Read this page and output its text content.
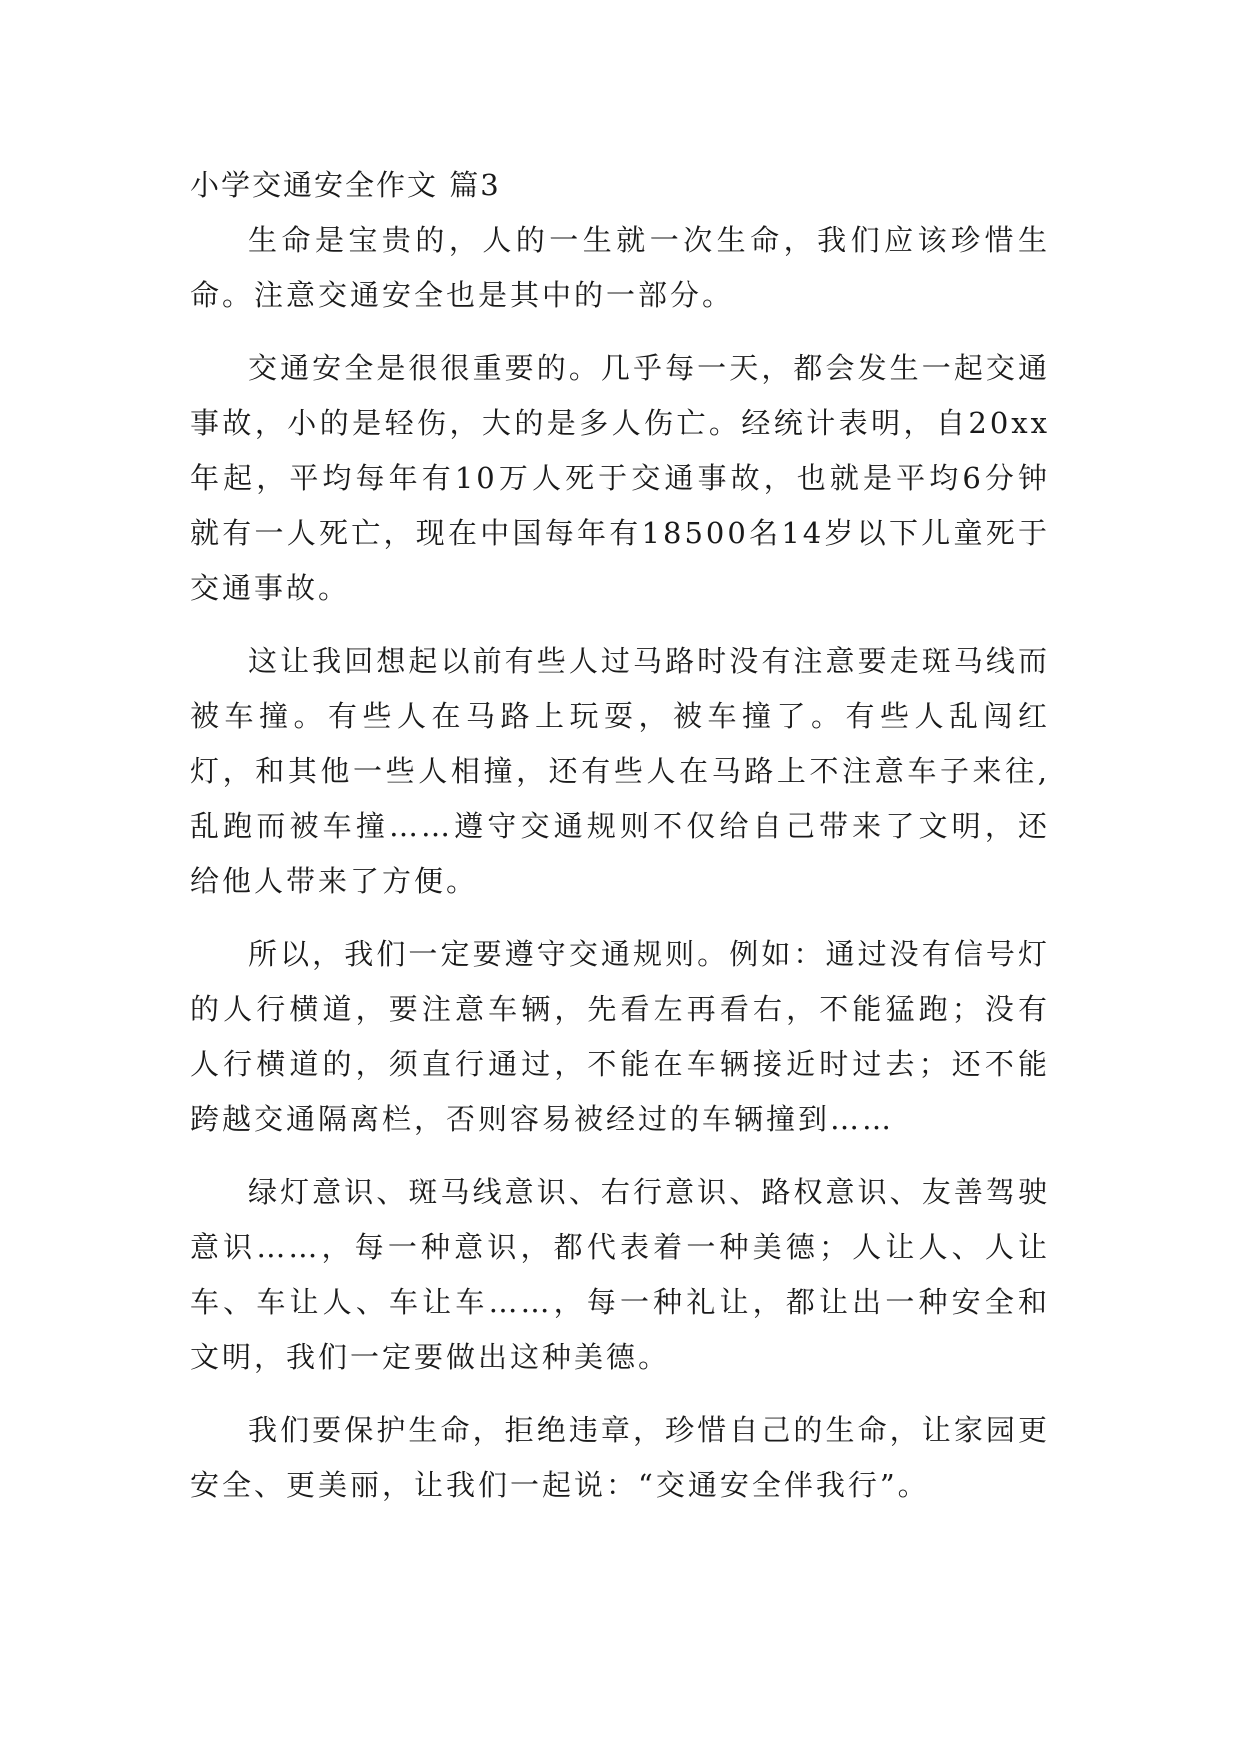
小学交通安全作文 篇3

生命是宝贵的，人的一生就一次生命，我们应该珍惜生命。注意交通安全也是其中的一部分。

交通安全是很很重要的。几乎每一天，都会发生一起交通事故，小的是轻伤，大的是多人伤亡。经统计表明，自20xx年起，平均每年有10万人死于交通事故，也就是平均6分钟就有一人死亡，现在中国每年有18500名14岁以下儿童死于交通事故。

这让我回想起以前有些人过马路时没有注意要走斑马线而被车撞。有些人在马路上玩耍，被车撞了。有些人乱闯红灯，和其他一些人相撞，还有些人在马路上不注意车子来往,乱跑而被车撞……遵守交通规则不仅给自己带来了文明，还给他人带来了方便。

所以，我们一定要遵守交通规则。例如：通过没有信号灯的人行横道，要注意车辆，先看左再看右，不能猛跑；没有人行横道的，须直行通过，不能在车辆接近时过去；还不能跨越交通隔离栏，否则容易被经过的车辆撞到……

绿灯意识、斑马线意识、右行意识、路权意识、友善驾驶意识……，每一种意识，都代表着一种美德；人让人、人让车、车让人、车让车……，每一种礼让，都让出一种安全和文明，我们一定要做出这种美德。

我们要保护生命，拒绝违章，珍惜自己的生命，让家园更安全、更美丽，让我们一起说：“交通安全伴我行”。
